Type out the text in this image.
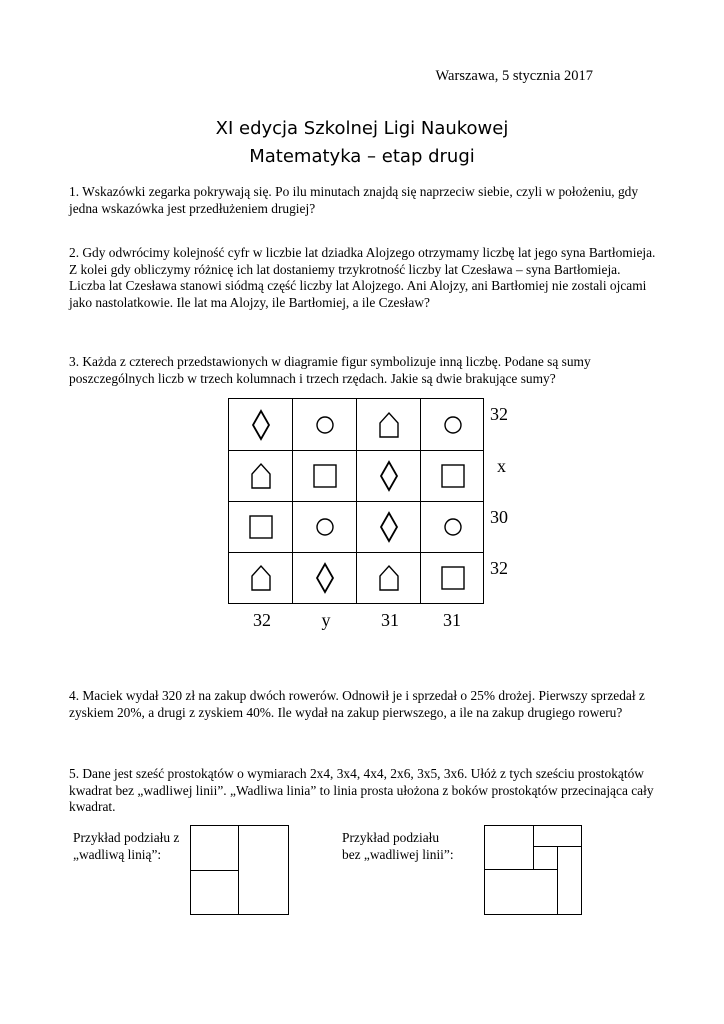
Warszawa, 5 stycznia 2017
XI edycja Szkolnej Ligi Naukowej
Matematyka – etap drugi

1. Wskazówki zegarka pokrywają się. Po ilu minutach znajdą się naprzeciw siebie, czyli w położeniu, gdy jedna wskazówka jest przedłużeniem drugiej?

2. Gdy odwrócimy kolejność cyfr w liczbie lat dziadka Alojzego otrzymamy liczbę lat jego syna Bartłomieja. Z kolei gdy obliczymy różnicę ich lat dostaniemy trzykrotność liczby lat Czesława – syna Bartłomieja. Liczba lat Czesława stanowi siódmą część liczby lat Alojzego. Ani Alojzy, ani Bartłomiej nie zostali ojcami jako nastolatkowie. Ile lat ma Alojzy, ile Bartłomiej, a ile Czesław?

3. Każda z czterech przedstawionych w diagramie figur symbolizuje inną liczbę. Podane są sumy poszczególnych liczb w trzech kolumnach i trzech rzędach. Jakie są dwie brakujące sumy?

32
x
30
32
32	y	31	31

4. Maciek wydał 320 zł na zakup dwóch rowerów. Odnowił je i sprzedał o 25% drożej. Pierwszy sprzedał z zyskiem 20%, a drugi z zyskiem 40%. Ile wydał na zakup pierwszego, a ile na zakup drugiego roweru?

5. Dane jest sześć prostokątów o wymiarach 2x4, 3x4, 4x4, 2x6, 3x5, 3x6. Ułóż z tych sześciu prostokątów kwadrat bez „wadliwej linii”. „Wadliwa linia” to linia prosta ułożona z boków prostokątów przecinająca cały kwadrat.

Przykład podziału z
„wadliwą linią”:
Przykład podziału
bez „wadliwej linii”:
